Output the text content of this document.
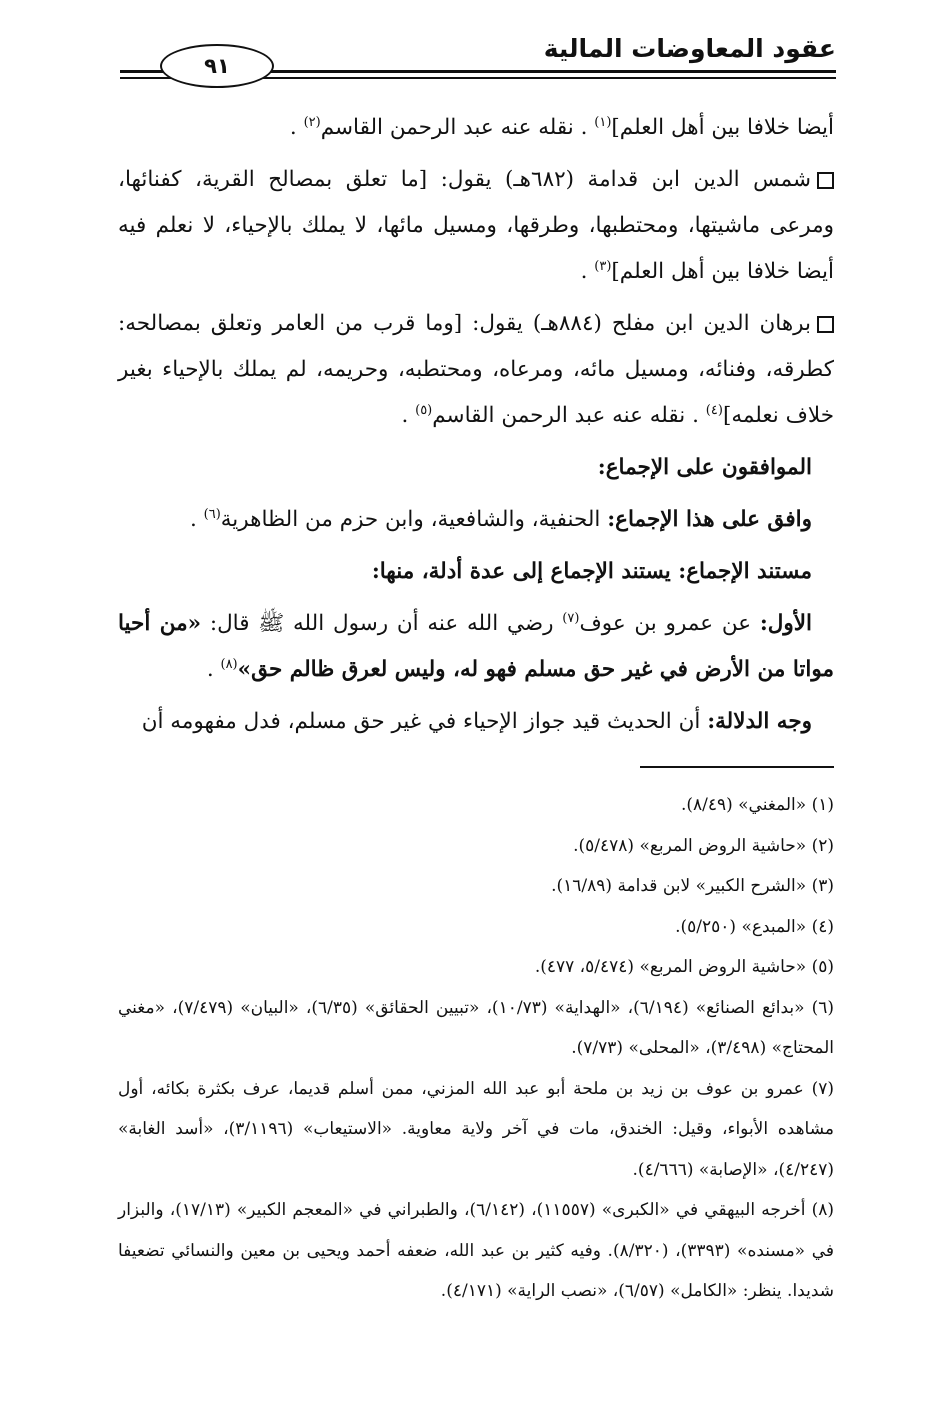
٩١
عقود المعاوضات المالية

أيضا خلافا بين أهل العلم]$^{(١)}$ . نقله عنه عبد الرحمن القاسم$^{(٢)}$ .

شمس الدين ابن قدامة (٦٨٢هـ) يقول: [ما تعلق بمصالح القرية، كفنائها، ومرعى ماشيتها، ومحتطبها، وطرقها، ومسيل مائها، لا يملك بالإحياء، لا نعلم فيه أيضا خلافا بين أهل العلم]$^{(٣)}$ .

برهان الدين ابن مفلح (٨٨٤هـ) يقول: [وما قرب من العامر وتعلق بمصالحه: كطرقه، وفنائه، ومسيل مائه، ومرعاه، ومحتطبه، وحريمه، لم يملك بالإحياء بغير خلاف نعلمه]$^{(٤)}$ . نقله عنه عبد الرحمن القاسم$^{(٥)}$ .

الموافقون على الإجماع:

وافق على هذا الإجماع: الحنفية، والشافعية، وابن حزم من الظاهرية$^{(٦)}$ .

مستند الإجماع: يستند الإجماع إلى عدة أدلة، منها:

الأول: عن عمرو بن عوف$^{(٧)}$ رضي الله عنه أن رسول الله ﷺ قال: «من أحيا مواتا من الأرض في غير حق مسلم فهو له، وليس لعرق ظالم حق»$^{(٨)}$ .

وجه الدلالة: أن الحديث قيد جواز الإحياء في غير حق مسلم، فدل مفهومه أن

(١) «المغني» (٨/٤٩).

(٢) «حاشية الروض المربع» (٥/٤٧٨).

(٣) «الشرح الكبير» لابن قدامة (١٦/٨٩).

(٤) «المبدع» (٥/٢٥٠).

(٥) «حاشية الروض المربع» (٥/٤٧٤، ٤٧٧).

(٦) «بدائع الصنائع» (٦/١٩٤)، «الهداية» (١٠/٧٣)، «تبيين الحقائق» (٦/٣٥)، «البيان» (٧/٤٧٩)، «مغني المحتاج» (٣/٤٩٨)، «المحلى» (٧/٧٣).

(٧) عمرو بن عوف بن زيد بن ملحة أبو عبد الله المزني، ممن أسلم قديما، عرف بكثرة بكائه، أول مشاهده الأبواء، وقيل: الخندق، مات في آخر ولاية معاوية. «الاستيعاب» (٣/١١٩٦)، «أسد الغابة» (٤/٢٤٧)، «الإصابة» (٤/٦٦٦).

(٨) أخرجه البيهقي في «الكبرى» (١١٥٥٧)، (٦/١٤٢)، والطبراني في «المعجم الكبير» (١٧/١٣)، والبزار في «مسنده» (٣٣٩٣)، (٨/٣٢٠). وفيه كثير بن عبد الله، ضعفه أحمد ويحيى بن معين والنسائي تضعيفا شديدا. ينظر: «الكامل» (٦/٥٧)، «نصب الراية» (٤/١٧١).
